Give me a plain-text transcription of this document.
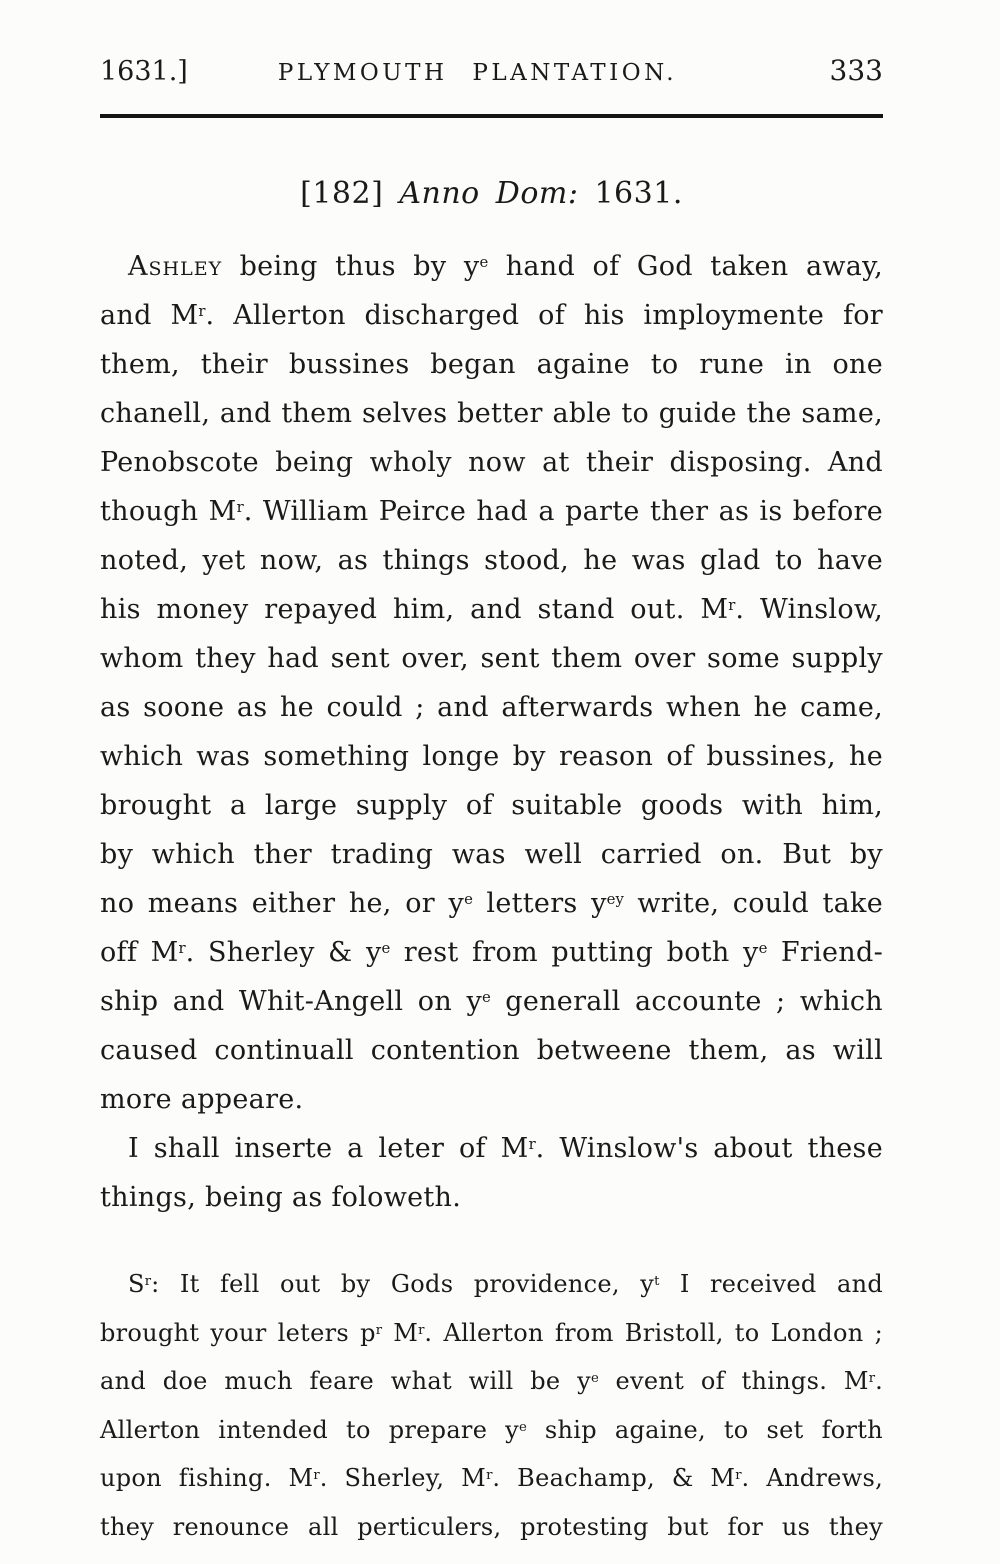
1631.]	PLYMOUTH PLANTATION.	333
[182] Anno Dom: 1631.
Ashley being thus by $y^e$ hand of God taken away,
and $M^r$. Allerton discharged of his imploymente for
them, their bussines began againe to rune in one
chanell, and them selves better able to guide the same,
Penobscote being wholy now at their disposing. And
though $M^r$. William Peirce had a parte ther as is before
noted, yet now, as things stood, he was glad to have
his money repayed him, and stand out. $M^r$. Winslow,
whom they had sent over, sent them over some supply
as soone as he could ; and afterwards when he came,
which was something longe by reason of bussines, he
brought a large supply of suitable goods with him,
by which ther trading was well carried on. But by
no means either he, or $y^e$ letters $y^{ey}$ write, could take
off $M^r$. Sherley & $y^e$ rest from putting both $y^e$ Friend-
ship and Whit-Angell on $y^e$ generall accounte ; which
caused continuall contention betweene them, as will
more appeare.
I shall inserte a leter of $M^r$. Winslow's about these
things, being as foloweth.
$S^r$: It fell out by Gods providence, $y^t$ I received and
brought your leters $p^r$ $M^r$. Allerton from Bristoll, to London ;
and doe much feare what will be $y^e$ event of things. $M^r$.
Allerton intended to prepare $y^e$ ship againe, to set forth
upon fishing. $M^r$. Sherley, $M^r$. Beachamp, & $M^r$. Andrews,
they renounce all perticulers, protesting but for us they
